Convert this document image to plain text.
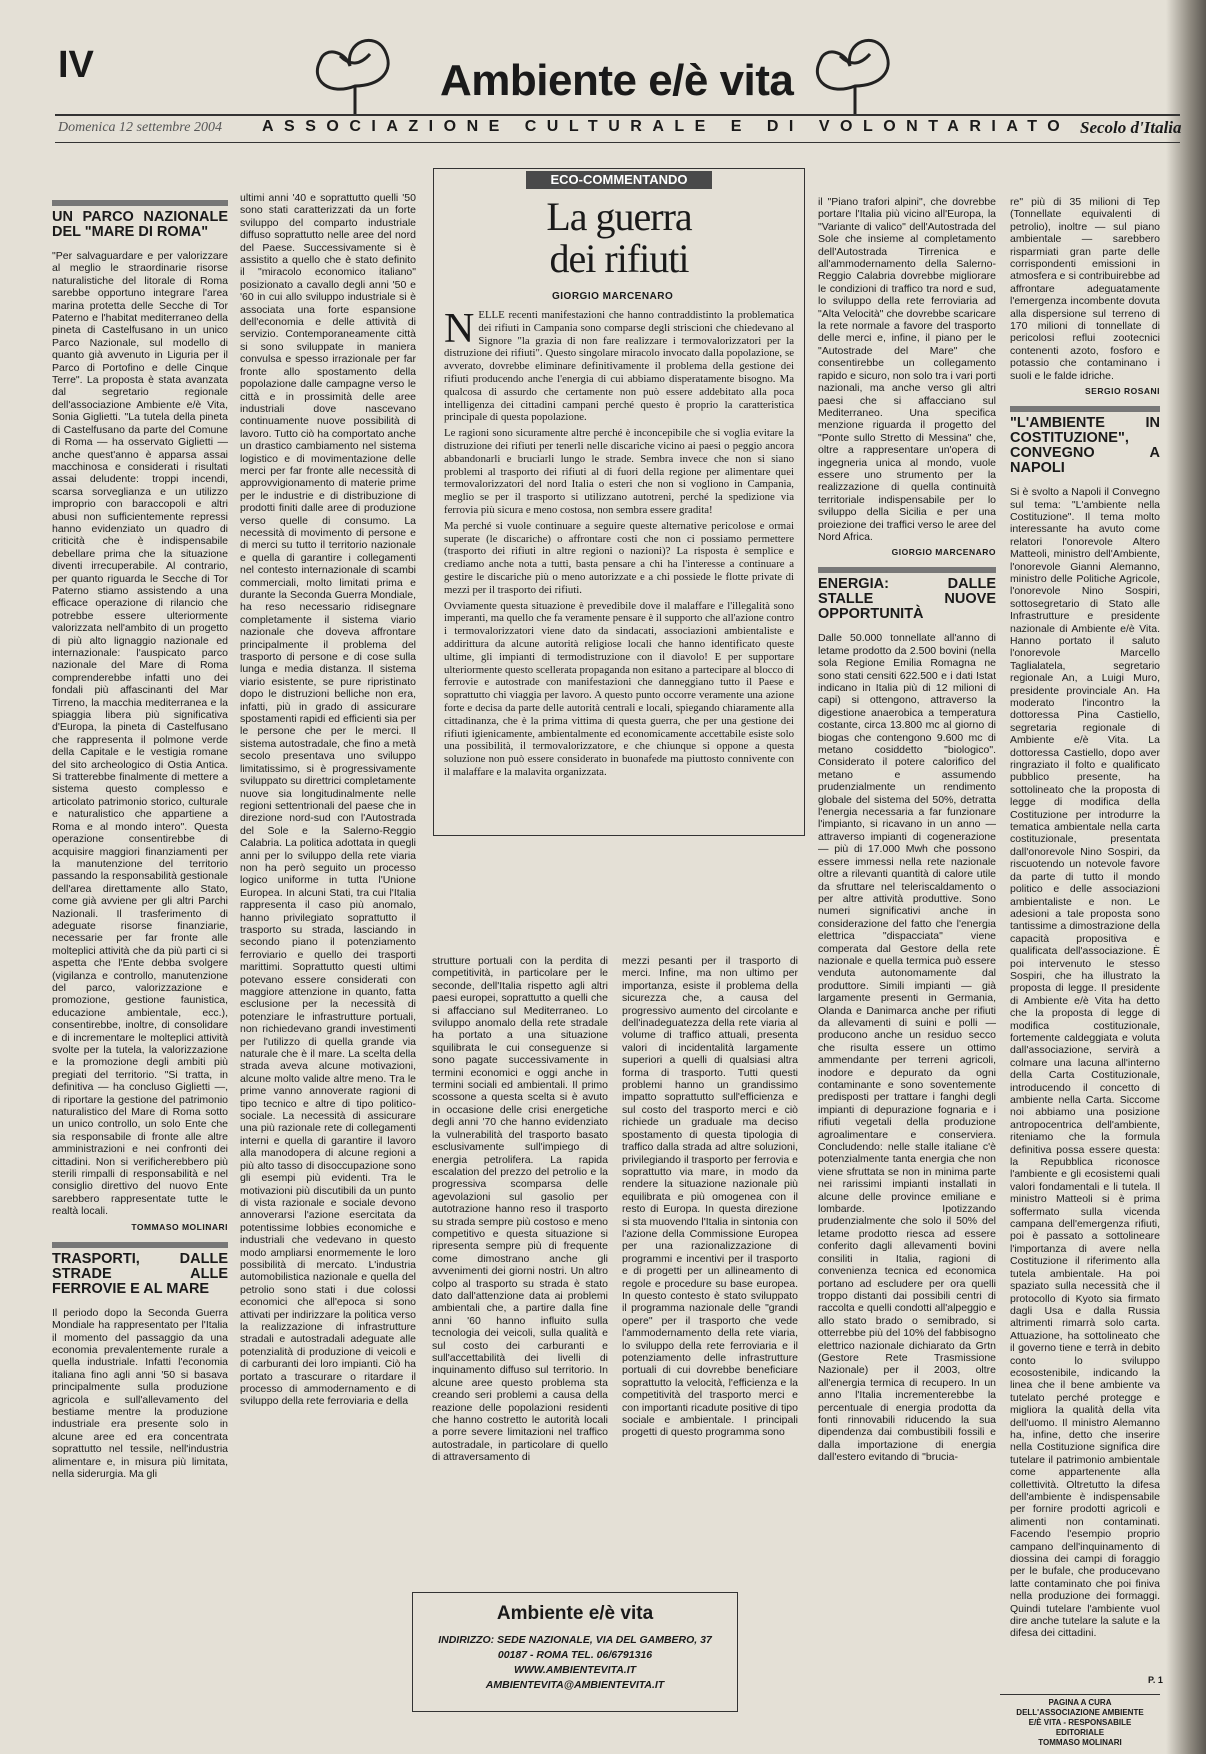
IV	Ambiente e/è vita
Domenica 12 settembre 2004	ASSOCIAZIONE CULTURALE E DI VOLONTARIATO Secolo d'Italia
UN PARCO NAZIONALE DEL "MARE DI ROMA"

"Per salvaguardare e per valorizzare al meglio le straordinarie risorse naturalistiche del litorale di Roma sarebbe opportuno integrare l'area marina protetta delle Secche di Tor Paterno e l'habitat mediterraneo della pineta di Castelfusano in un unico Parco Nazionale, sul modello di quanto già avvenuto in Liguria per il Parco di Portofino e delle Cinque Terre". La proposta è stata avanzata dal segretario regionale dell'associazione Ambiente e/è Vita, Sonia Giglietti. "La tutela della pineta di Castelfusano da parte del Comune di Roma — ha osservato Giglietti — anche quest'anno è apparsa assai macchinosa e considerati i risultati assai deludente: troppi incendi, scarsa sorveglianza e un utilizzo improprio con baraccopoli e altri abusi non sufficientemente repressi hanno evidenziato un quadro di criticità che è indispensabile debellare prima che la situazione diventi irrecuperabile. Al contrario, per quanto riguarda le Secche di Tor Paterno stiamo assistendo a una efficace operazione di rilancio che potrebbe essere ulteriormente valorizzata nell'ambito di un progetto di più alto lignaggio nazionale ed internazionale: l'auspicato parco nazionale del Mare di Roma comprenderebbe infatti uno dei fondali più affascinanti del Mar Tirreno, la macchia mediterranea e la spiaggia libera più significativa d'Europa, la pineta di Castelfusano che rappresenta il polmone verde della Capitale e le vestigia romane del sito archeologico di Ostia Antica. Si tratterebbe finalmente di mettere a sistema questo complesso e articolato patrimonio storico, culturale e naturalistico che appartiene a Roma e al mondo intero". Questa operazione consentirebbe di acquisire maggiori finanziamenti per la manutenzione del territorio passando la responsabilità gestionale dell'area direttamente allo Stato, come già avviene per gli altri Parchi Nazionali. Il trasferimento di adeguate risorse finanziarie, necessarie per far fronte alle molteplici attività che da più parti ci si aspetta che l'Ente debba svolgere (vigilanza e controllo, manutenzione del parco, valorizzazione e promozione, gestione faunistica, educazione ambientale, ecc.), consentirebbe, inoltre, di consolidare e di incrementare le molteplici attività svolte per la tutela, la valorizzazione e la promozione degli ambiti più pregiati del territorio. "Si tratta, in definitiva — ha concluso Giglietti —, di riportare la gestione del patrimonio naturalistico del Mare di Roma sotto un unico controllo, un solo Ente che sia responsabile di fronte alle altre amministrazioni e nei confronti dei cittadini. Non si verificherebbero più sterili rimpalli di responsabilità e nel consiglio direttivo del nuovo Ente sarebbero rappresentate tutte le realtà locali.

TOMMASO MOLINARI
TRASPORTI, DALLE STRADE ALLE FERROVIE E AL MARE

Il periodo dopo la Seconda Guerra Mondiale ha rappresentato per l'Italia il momento del passaggio da una economia prevalentemente rurale a quella industriale. Infatti l'economia italiana fino agli anni '50 si basava principalmente sulla produzione agricola e sull'allevamento del bestiame mentre la produzione industriale era presente solo in alcune aree ed era concentrata soprattutto nel tessile, nell'industria alimentare e, in misura più limitata, nella siderurgia. Ma gli

ultimi anni '40 e soprattutto quelli '50 sono stati caratterizzati da un forte sviluppo del comparto industriale diffuso soprattutto nelle aree del nord del Paese. Successivamente si è assistito a quello che è stato definito il "miracolo economico italiano" posizionato a cavallo degli anni '50 e '60 in cui allo sviluppo industriale si è associata una forte espansione dell'economia e delle attività di servizio. Contemporaneamente città si sono sviluppate in maniera convulsa e spesso irrazionale per far fronte allo spostamento della popolazione dalle campagne verso le città e in prossimità delle aree industriali dove nascevano continuamente nuove possibilità di lavoro. Tutto ciò ha comportato anche un drastico cambiamento nel sistema logistico e di movimentazione delle merci per far fronte alle necessità di approvvigionamento di materie prime per le industrie e di distribuzione di prodotti finiti dalle aree di produzione verso quelle di consumo. La necessità di movimento di persone e di merci su tutto il territorio nazionale e quella di garantire i collegamenti nel contesto internazionale di scambi commerciali, molto limitati prima e durante la Seconda Guerra Mondiale, ha reso necessario ridisegnare completamente il sistema viario nazionale che doveva affrontare principalmente il problema del trasporto di persone e di cose sulla lunga e media distanza. Il sistema viario esistente, se pure ripristinato dopo le distruzioni belliche non era, infatti, più in grado di assicurare spostamenti rapidi ed efficienti sia per le persone che per le merci. Il sistema autostradale, che fino a metà secolo presentava uno sviluppo limitatissimo, si è progressivamente sviluppato su direttrici completamente nuove sia longitudinalmente nelle regioni settentrionali del paese che in direzione nord-sud con l'Autostrada del Sole e la Salerno-Reggio Calabria. La politica adottata in quegli anni per lo sviluppo della rete viaria non ha però seguito un processo logico uniforme in tutta l'Unione Europea. In alcuni Stati, tra cui l'Italia rappresenta il caso più anomalo, hanno privilegiato soprattutto il trasporto su strada, lasciando in secondo piano il potenziamento ferroviario e quello dei trasporti marittimi. Soprattutto questi ultimi potevano essere considerati con maggiore attenzione in quanto, fatta esclusione per la necessità di potenziare le infrastrutture portuali, non richiedevano grandi investimenti per l'utilizzo di quella grande via naturale che è il mare. La scelta della strada aveva alcune motivazioni, alcune molto valide altre meno. Tra le prime vanno annoverate ragioni di tipo tecnico e altre di tipo politico-sociale. La necessità di assicurare una più razionale rete di collegamenti interni e quella di garantire il lavoro alla manodopera di alcune regioni a più alto tasso di disoccupazione sono gli esempi più evidenti. Tra le motivazioni più discutibili da un punto di vista razionale e sociale devono annoverarsi l'azione esercitata da potentissime lobbies economiche e industriali che vedevano in questo modo ampliarsi enormemente le loro possibilità di mercato. L'industria automobilistica nazionale e quella del petrolio sono stati i due colossi economici che all'epoca si sono attivati per indirizzare la politica verso la realizzazione di infrastrutture stradali e autostradali adeguate alle potenzialità di produzione di veicoli e di carburanti dei loro impianti. Ciò ha portato a trascurare o ritardare il processo di ammodernamento e di sviluppo della rete ferroviaria e della

ECO-COMMENTANDO
La guerra
dei rifiuti
GIORGIO MARCENARO

NELLE recenti manifestazioni che hanno contraddistinto la problematica dei rifiuti in Campania sono comparse degli striscioni che chiedevano al Signore "la grazia di non fare realizzare i termovalorizzatori per la distruzione dei rifiuti". Questo singolare miracolo invocato dalla popolazione, se avverato, dovrebbe eliminare definitivamente il problema della gestione dei rifiuti producendo anche l'energia di cui abbiamo disperatamente bisogno. Ma qualcosa di assurdo che certamente non può essere addebitato alla poca intelligenza dei cittadini campani perché questo è proprio la caratteristica principale di questa popolazione.

Le ragioni sono sicuramente altre perché è inconcepibile che si voglia evitare la distruzione dei rifiuti per tenerli nelle discariche vicino ai paesi o peggio ancora abbandonarli e bruciarli lungo le strade. Sembra invece che non si siano problemi al trasporto dei rifiuti al di fuori della regione per alimentare quei termovalorizzatori del nord Italia o esteri che non si vogliono in Campania, meglio se per il trasporto si utilizzano autotreni, perché la spedizione via ferrovia più sicura e meno costosa, non sembra essere gradita!

Ma perché si vuole continuare a seguire queste alternative pericolose e ormai superate (le discariche) o affrontare costi che non ci possiamo permettere (trasporto dei rifiuti in altre regioni o nazioni)? La risposta è semplice e crediamo anche nota a tutti, basta pensare a chi ha l'interesse a continuare a gestire le discariche più o meno autorizzate e a chi possiede le flotte private di mezzi per il trasporto dei rifiuti.

Ovviamente questa situazione è prevedibile dove il malaffare e l'illegalità sono imperanti, ma quello che fa veramente pensare è il supporto che all'azione contro i termovalorizzatori viene dato da sindacati, associazioni ambientaliste e addirittura da alcune autorità religiose locali che hanno identificato queste ultime, gli impianti di termodistruzione con il diavolo! E per supportare ulteriormente questo scellerata propaganda non esitano a partecipare al blocco di ferrovie e autostrade con manifestazioni che danneggiano tutto il Paese e soprattutto chi viaggia per lavoro. A questo punto occorre veramente una azione forte e decisa da parte delle autorità centrali e locali, spiegando chiaramente alla cittadinanza, che è la prima vittima di questa guerra, che per una gestione dei rifiuti igienicamente, ambientalmente ed economicamente accettabile esiste solo una possibilità, il termovalorizzatore, e che chiunque si oppone a questa soluzione non può essere considerato in buonafede ma piuttosto connivente con il malaffare e la malavita organizzata.

strutture portuali con la perdita di competitività, in particolare per le seconde, dell'Italia rispetto agli altri paesi europei, soprattutto a quelli che si affacciano sul Mediterraneo. Lo sviluppo anomalo della rete stradale ha portato a una situazione squilibrata le cui conseguenze si sono pagate successivamente in termini economici e oggi anche in termini sociali ed ambientali. Il primo scossone a questa scelta si è avuto in occasione delle crisi energetiche degli anni '70 che hanno evidenziato la vulnerabilità del trasporto basato esclusivamente sull'impiego di energia petrolifera. La rapida escalation del prezzo del petrolio e la progressiva scomparsa delle agevolazioni sul gasolio per autotrazione hanno reso il trasporto su strada sempre più costoso e meno competitivo e questa situazione si ripresenta sempre più di frequente come dimostrano anche gli avvenimenti dei giorni nostri. Un altro colpo al trasporto su strada è stato dato dall'attenzione data ai problemi ambientali che, a partire dalla fine anni '60 hanno influito sulla tecnologia dei veicoli, sulla qualità e sul costo dei carburanti e sull'accettabilità dei livelli di inquinamento diffuso sul territorio. In alcune aree questo problema sta creando seri problemi a causa della reazione delle popolazioni residenti che hanno costretto le autorità locali a porre severe limitazioni nel traffico autostradale, in particolare di quello di attraversamento di

mezzi pesanti per il trasporto di merci. Infine, ma non ultimo per importanza, esiste il problema della sicurezza che, a causa del progressivo aumento del circolante e dell'inadeguatezza della rete viaria al volume di traffico attuali, presenta valori di incidentalità largamente superiori a quelli di qualsiasi altra forma di trasporto. Tutti questi problemi hanno un grandissimo impatto soprattutto sull'efficienza e sul costo del trasporto merci e ciò richiede un graduale ma deciso spostamento di questa tipologia di traffico dalla strada ad altre soluzioni, privilegiando il trasporto per ferrovia e soprattutto via mare, in modo da rendere la situazione nazionale più equilibrata e più omogenea con il resto di Europa. In questa direzione si sta muovendo l'Italia in sintonia con l'azione della Commissione Europea per una razionalizzazione di programmi e incentivi per il trasporto e di progetti per un allineamento di regole e procedure su base europea. In questo contesto è stato sviluppato il programma nazionale delle "grandi opere" per il trasporto che vede l'ammodernamento della rete viaria, lo sviluppo della rete ferroviaria e il potenziamento delle infrastrutture portuali di cui dovrebbe beneficiare soprattutto la velocità, l'efficienza e la competitività del trasporto merci e con importanti ricadute positive di tipo sociale e ambientale. I principali progetti di questo programma sono

il "Piano trafori alpini", che dovrebbe portare l'Italia più vicino all'Europa, la "Variante di valico" dell'Autostrada del Sole che insieme al completamento dell'Autostrada Tirrenica e all'ammodernamento della Salerno-Reggio Calabria dovrebbe migliorare le condizioni di traffico tra nord e sud, lo sviluppo della rete ferroviaria ad "Alta Velocità" che dovrebbe scaricare la rete normale a favore del trasporto delle merci e, infine, il piano per le "Autostrade del Mare" che consentirebbe un collegamento rapido e sicuro, non solo tra i vari porti nazionali, ma anche verso gli altri paesi che si affacciano sul Mediterraneo. Una specifica menzione riguarda il progetto del "Ponte sullo Stretto di Messina" che, oltre a rappresentare un'opera di ingegneria unica al mondo, vuole essere uno strumento per la realizzazione di quella continuità territoriale indispensabile per lo sviluppo della Sicilia e per una proiezione dei traffici verso le aree del Nord Africa.

GIORGIO MARCENARO
ENERGIA: DALLE STALLE NUOVE OPPORTUNITÀ

Dalle 50.000 tonnellate all'anno di letame prodotto da 2.500 bovini (nella sola Regione Emilia Romagna ne sono stati censiti 622.500 e i dati Istat indicano in Italia più di 12 milioni di capi) si ottengono, attraverso la digestione anaerobica a temperatura costante, circa 13.800 mc al giorno di biogas che contengono 9.600 mc di metano cosiddetto "biologico". Considerato il potere calorifico del metano e assumendo prudenzialmente un rendimento globale del sistema del 50%, detratta l'energia necessaria a far funzionare l'impianto, si ricavano in un anno — attraverso impianti di cogenerazione — più di 17.000 Mwh che possono essere immessi nella rete nazionale oltre a rilevanti quantità di calore utile da sfruttare nel teleriscaldamento o per altre attività produttive. Sono numeri significativi anche in considerazione del fatto che l'energia elettrica "dispacciata" viene comperata dal Gestore della rete nazionale e quella termica può essere venduta autonomamente dal produttore. Simili impianti — già largamente presenti in Germania, Olanda e Danimarca anche per rifiuti da allevamenti di suini e polli — producono anche un residuo secco che risulta essere un ottimo ammendante per terreni agricoli, inodore e depurato da ogni contaminante e sono soventemente predisposti per trattare i fanghi degli impianti di depurazione fognaria e i rifiuti vegetali della produzione agroalimentare e conserviera. Concludendo: nelle stalle italiane c'è potenzialmente tanta energia che non viene sfruttata se non in minima parte nei rarissimi impianti installati in alcune delle province emiliane e lombarde. Ipotizzando prudenzialmente che solo il 50% del letame prodotto riesca ad essere conferito dagli allevamenti bovini consiliti in Italia, ragioni di convenienza tecnica ed economica portano ad escludere per ora quelli troppo distanti dai possibili centri di raccolta e quelli condotti all'alpeggio e allo stato brado o semibrado, si otterrebbe più del 10% del fabbisogno elettrico nazionale dichiarato da Grtn (Gestore Rete Trasmissione Nazionale) per il 2003, oltre all'energia termica di recupero. In un anno l'Italia incrementerebbe la percentuale di energia prodotta da fonti rinnovabili riducendo la sua dipendenza dai combustibili fossili e dalla importazione di energia dall'estero evitando di "brucia-

re" più di 35 milioni di Tep (Tonnellate equivalenti di petrolio), inoltre — sul piano ambientale — sarebbero risparmiati gran parte delle corrispondenti emissioni in atmosfera e si contribuirebbe ad affrontare adeguatamente l'emergenza incombente dovuta alla dispersione sul terreno di 170 milioni di tonnellate di pericolosi reflui zootecnici contenenti azoto, fosforo e potassio che contaminano i suoli e le falde idriche.

SERGIO ROSANI
"L'AMBIENTE IN COSTITUZIONE", CONVEGNO A NAPOLI

Si è svolto a Napoli il Convegno sul tema: "L'ambiente nella Costituzione". Il tema molto interessante ha avuto come relatori l'onorevole Altero Matteoli, ministro dell'Ambiente, l'onorevole Gianni Alemanno, ministro delle Politiche Agricole, l'onorevole Nino Sospiri, sottosegretario di Stato alle Infrastrutture e presidente nazionale di Ambiente e/è Vita. Hanno portato il saluto l'onorevole Marcello Taglialatela, segretario regionale An, a Luigi Muro, presidente provinciale An. Ha moderato l'incontro la dottoressa Pina Castiello, segretaria regionale di Ambiente e/è Vita. La dottoressa Castiello, dopo aver ringraziato il folto e qualificato pubblico presente, ha sottolineato che la proposta di legge di modifica della Costituzione per introdurre la tematica ambientale nella carta costituzionale, presentata dall'onorevole Nino Sospiri, da riscuotendo un notevole favore da parte di tutto il mondo politico e delle associazioni ambientaliste e non. Le adesioni a tale proposta sono tantissime a dimostrazione della capacità propositiva e qualificata dell'associazione. È poi intervenuto le stesso Sospiri, che ha illustrato la proposta di legge. Il presidente di Ambiente e/è Vita ha detto che la proposta di legge di modifica costituzionale, fortemente caldeggiata e voluta dall'associazione, servirà a colmare una lacuna all'interno della Carta Costituzionale, introducendo il concetto di ambiente nella Carta. Siccome noi abbiamo una posizione antropocentrica dell'ambiente, riteniamo che la formula definitiva possa essere questa: la Repubblica riconosce l'ambiente e gli ecosistemi quali valori fondamentali e li tutela. Il ministro Matteoli si è prima soffermato sulla vicenda campana dell'emergenza rifiuti, poi è passato a sottolineare l'importanza di avere nella Costituzione il riferimento alla tutela ambientale. Ha poi spaziato sulla necessità che il protocollo di Kyoto sia firmato dagli Usa e dalla Russia altrimenti rimarrà solo carta. Attuazione, ha sottolineato che il governo tiene e terrà in debito conto lo sviluppo ecosostenibile, indicando la linea che il bene ambiente va tutelato perché protegge e migliora la qualità della vita dell'uomo. Il ministro Alemanno ha, infine, detto che inserire nella Costituzione significa dire tutelare il patrimonio ambientale come appartenente alla collettività. Oltretutto la difesa dell'ambiente è indispensabile per fornire prodotti agricoli e alimenti non contaminati. Facendo l'esempio proprio campano dell'inquinamento di diossina dei campi di foraggio per le bufale, che producevano latte contaminato che poi finiva nella produzione dei formaggi. Quindi tutelare l'ambiente vuol dire anche tutelare la salute e la difesa dei cittadini.

Ambiente e/è vita
INDIRIZZO: SEDE NAZIONALE, VIA DEL GAMBERO, 37
00187 - ROMA TEL. 06/6791316
WWW.AMBIENTEVITA.IT
AMBIENTEVITA@AMBIENTEVITA.IT	P. 1
PAGINA A CURA
DELL'ASSOCIAZIONE AMBIENTE
E/È VITA - RESPONSABILE
EDITORIALE
TOMMASO MOLINARI
